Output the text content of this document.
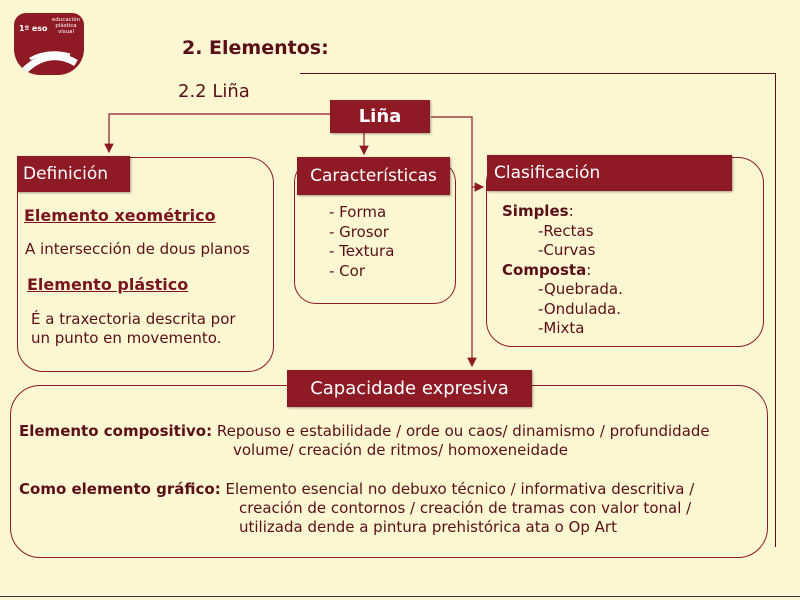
1º eso
educación
plástica
visual
2. Elementos:
2.2 Liña
Liña
Definición
Elemento xeométrico
A intersección de dous planos
Elemento plástico
É a traxectoria descrita por
un punto en movemento.
Características
- Forma
- Grosor
- Textura
- Cor
Clasificación
Simples:
-Rectas
-Curvas
Composta:
-Quebrada.
-Ondulada.
-Mixta
Capacidade expresiva
Elemento compositivo: Repouso e estabilidade / orde ou caos/ dinamismo / profundidade
volume/ creación de ritmos/ homoxeneidade
Como elemento gráfico: Elemento esencial no debuxo técnico / informativa descritiva /
creación de contornos / creación de tramas con valor tonal /
utilizada dende a pintura prehistórica ata o Op Art
